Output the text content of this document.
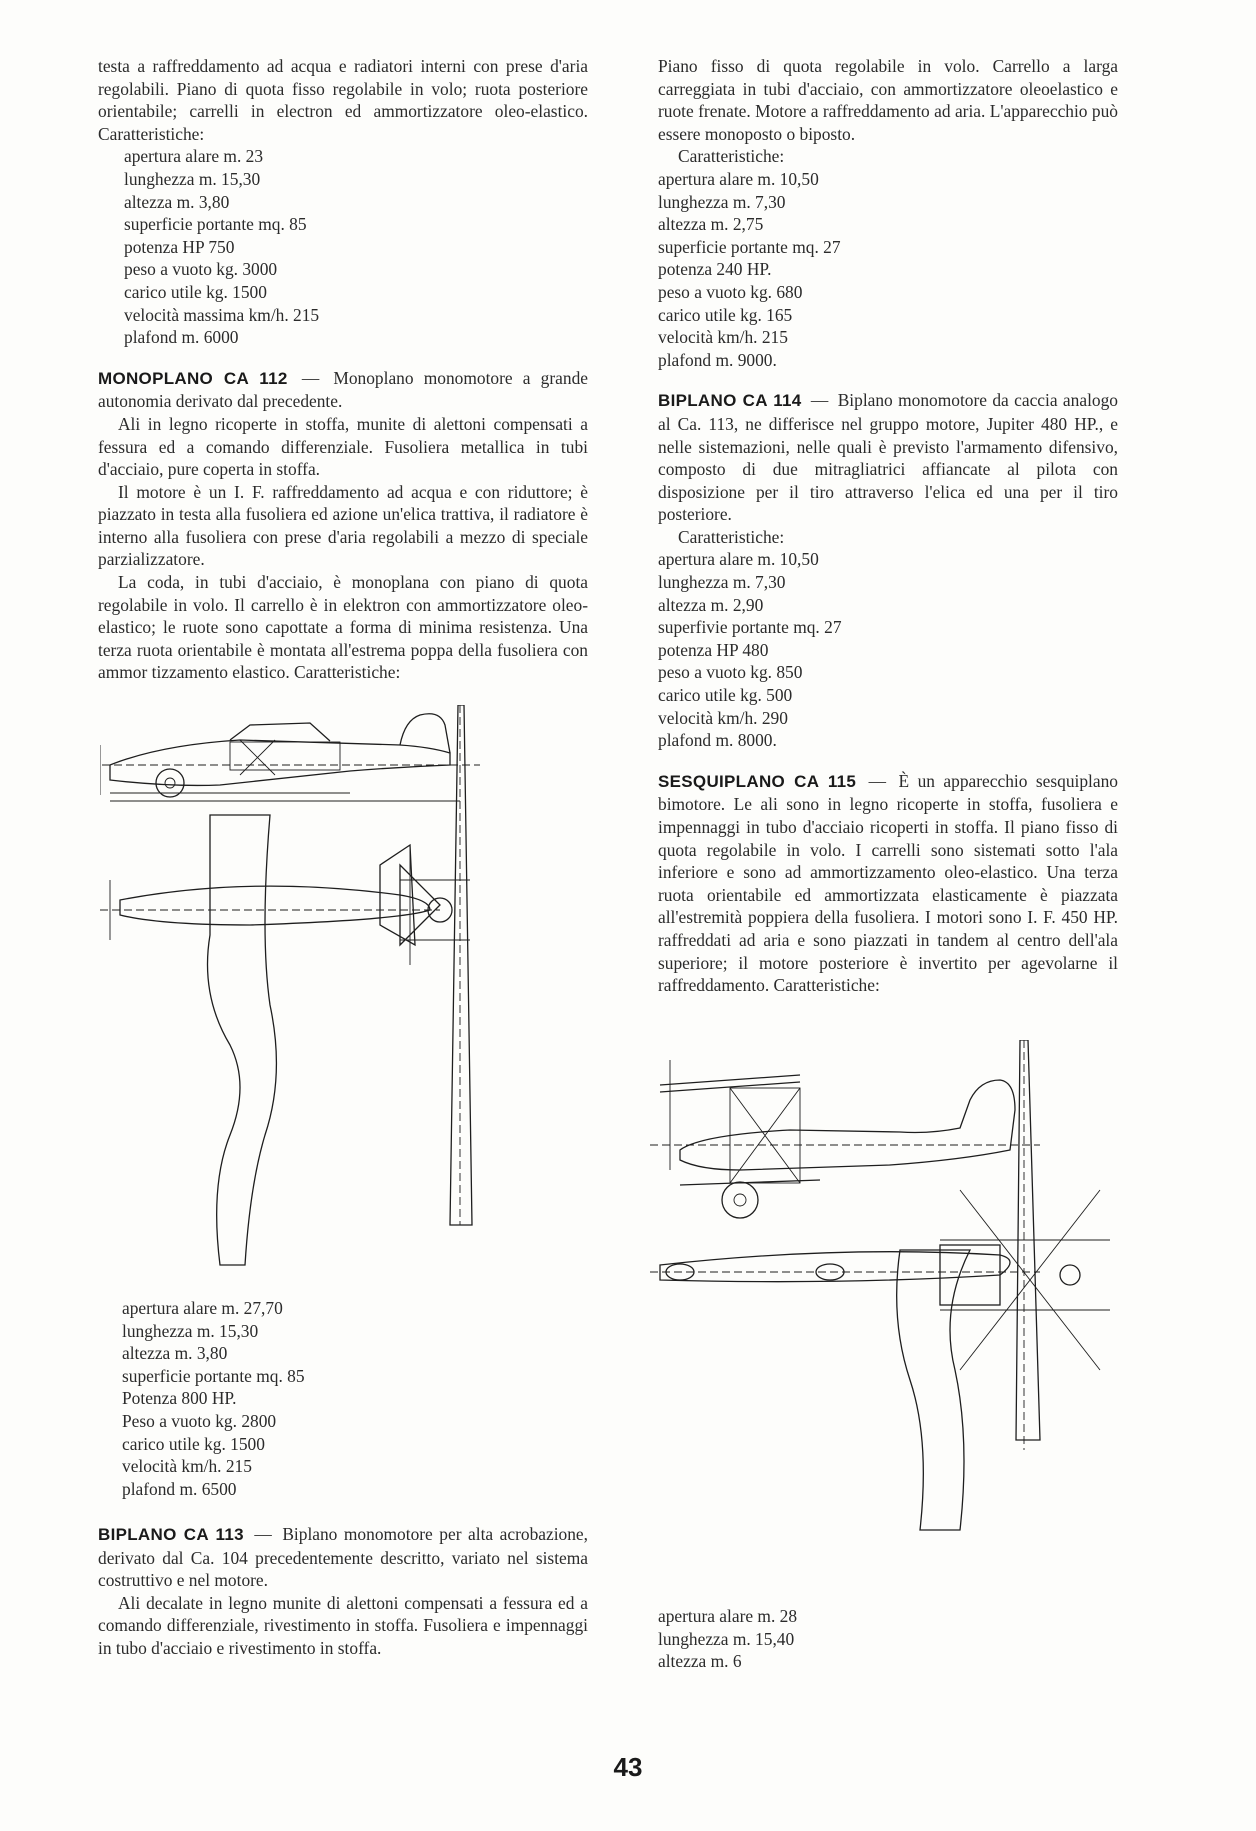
testa a raffreddamento ad acqua e radiatori interni con prese d'aria regolabili. Piano di quota fisso regolabile in volo; ruota posteriore orientabile; carrelli in electron ed ammortizzatore oleo-elastico. Caratteristiche:

apertura alare m. 23
lunghezza m. 15,30
altezza m. 3,80
superficie portante mq. 85
potenza HP 750
peso a vuoto kg. 3000
carico utile kg. 1500
velocità massima km/h. 215
plafond m. 6000

MONOPLANO CA 112 — Monoplano monomotore a grande autonomia derivato dal precedente.

Ali in legno ricoperte in stoffa, munite di alettoni compensati a fessura ed a comando differenziale. Fusoliera metallica in tubi d'acciaio, pure coperta in stoffa.

Il motore è un I. F. raffreddamento ad acqua e con riduttore; è piazzato in testa alla fusoliera ed azione un'elica trattiva, il radiatore è interno alla fusoliera con prese d'aria regolabili a mezzo di speciale parzializzatore.

La coda, in tubi d'acciaio, è monoplana con piano di quota regolabile in volo. Il carrello è in elektron con ammortizzatore oleo-elastico; le ruote sono capottate a forma di minima resistenza. Una terza ruota orientabile è montata all'estrema poppa della fusoliera con ammor tizzamento elastico. Caratteristiche:

apertura alare m. 27,70
lunghezza m. 15,30
altezza m. 3,80
superficie portante mq. 85
Potenza 800 HP.
Peso a vuoto kg. 2800
carico utile kg. 1500
velocità km/h. 215
plafond m. 6500

BIPLANO CA 113 — Biplano monomotore per alta acrobazione, derivato dal Ca. 104 precedentemente descritto, variato nel sistema costruttivo e nel motore.

Ali decalate in legno munite di alettoni compensati a fessura ed a comando differenziale, rivestimento in stoffa. Fusoliera e impennaggi in tubo d'acciaio e rivestimento in stoffa.

Piano fisso di quota regolabile in volo. Carrello a larga carreggiata in tubi d'acciaio, con ammortizzatore oleoelastico e ruote frenate. Motore a raffreddamento ad aria. L'apparecchio può essere monoposto o biposto.

Caratteristiche:

apertura alare m. 10,50
lunghezza m. 7,30
altezza m. 2,75
superficie portante mq. 27
potenza 240 HP.
peso a vuoto kg. 680
carico utile kg. 165
velocità km/h. 215
plafond m. 9000.

BIPLANO CA 114 — Biplano monomotore da caccia analogo al Ca. 113, ne differisce nel gruppo motore, Jupiter 480 HP., e nelle sistemazioni, nelle quali è previsto l'armamento difensivo, composto di due mitragliatrici affiancate al pilota con disposizione per il tiro attraverso l'elica ed una per il tiro posteriore.

Caratteristiche:

apertura alare m. 10,50
lunghezza m. 7,30
altezza m. 2,90
superfivie portante mq. 27
potenza HP 480
peso a vuoto kg. 850
carico utile kg. 500
velocità km/h. 290
plafond m. 8000.

SESQUIPLANO CA 115 — È un apparecchio sesquiplano bimotore. Le ali sono in legno ricoperte in stoffa, fusoliera e impennaggi in tubo d'acciaio ricoperti in stoffa. Il piano fisso di quota regolabile in volo. I carrelli sono sistemati sotto l'ala inferiore e sono ad ammortizzamento oleo-elastico. Una terza ruota orientabile ed ammortizzata elasticamente è piazzata all'estremità poppiera della fusoliera. I motori sono I. F. 450 HP. raffreddati ad aria e sono piazzati in tandem al centro dell'ala superiore; il motore posteriore è invertito per agevolarne il raffreddamento. Caratteristiche:

apertura alare m. 28
lunghezza m. 15,40
altezza m. 6
43
